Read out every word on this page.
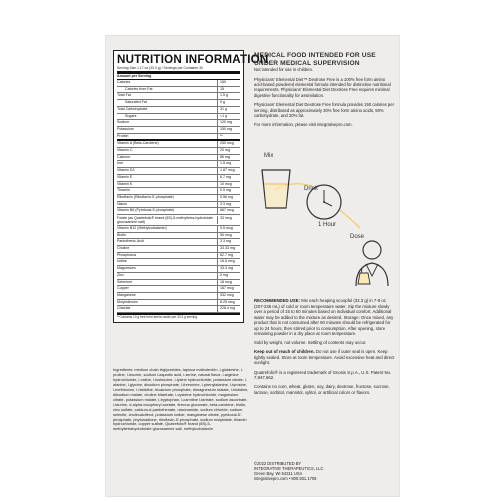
NUTRITION INFORMATION
Serving Size 1.17 oz (33.3 g) / Servings per Container 30
Amount per Serving
Calories	150
Calories from Fat	15
Total Fat	1.5 g
Saturated Fat	0 g
Total Carbohydrate	31 g
Sugars	<1 g
Sodium	120 mg
Potassium	150 mg
Protein	**
Vitamin A (Beta-Carotene)	250 mcg
Vitamin C	20 mg
Calcium	86 mg
Iron	1.5 mg
Vitamin D3	1.87 mcg
Vitamin E	6.7 mg
Vitamin K	10 mcg
Thiamin	0.5 mg
Riboflavin (Riboflavin-5'-phosphate)	0.56 mg
Niacin	3.3 mg
Vitamin B6 (Pyridoxal-5'-phosphate)	667 mcg
Folate (as Quatrefolic® brand (6S)-5-methyltetra-hydrofolate glucosamine salt)
33 mcg
Vitamin B12 (Methylcobalamin)	0.5 mcg
Biotin	50 mcg
Pantothenic Acid	3.3 mg
Choline	33.33 mg
Phosphorus	62.7 mg
Iodine	16.5 mcg
Magnesium	33.3 mg
Zinc	2 mg
Selenium	18 mcg
Copper	167 mcg
Manganese	332 mcg
Molybdenum	8.25 mcg
Chloride	228.4 mg
**Contains 10 g free form amino acids per 33.3 g serving.
Ingredients: medium chain triglycerides, tapioca maltodextrin, l-glutamine, l-proline, l-leucine, sodium l-aspartic acid, l-serine, natural flavor, l-arginine hydrochloride, l-valine, l-isoleucine, l-lysine hydrochloride, potassium citrate, l-alanine, l-glycine, disodium phosphate, l-threonine, l-phenylalanine, l-tyrosine, l-methionine, l-histidine, tricalcium phosphate, dimagnesium malate, l-histidine, diisodium malate, choline bitartrate, l-cysteine hydrochloride, magnesium citrate, potassium malate, l-tryptophan, l-carnitine l-tartrate, sodium ascorbate, l-taurine, d-alpha-tocopheryl acetate, ferrous gluconate, beta-carotene, biotin, zinc sulfate, calcium-d-pantothenate, niacinamide, sodium chloride, sodium selenite, cholecalciferol, potassium iodide, manganese citrate, pyridoxal-5'-phosphate, phytonadione, riboflavin-5'-phosphate, sodium molybdate, thiamin hydrochloride, copper sulfate, Quatrefolic® brand (6S)-5-methyltetrahydrofolate glucosamine salt, methylcobalamin
MEDICAL FOOD INTENDED FOR USE UNDER MEDICAL SUPERVISION

Not intended for use in children.

Physicians' Elemental Diet™ Dextrose Free is a 100% free form amino acid-based powdered elemental formula intended for distinctive nutritional requirements. Physicians' Elemental Diet Dextrose Free requires minimal digestive functionality for assimilation.

Physicians' Elemental Diet Dextrose Free formula provides 150 calories per serving, distributed as approximately 30% free form amino acids, 50% carbohydrate, and 20% fat.

For more information, please visit integrativepro.com.

Mix
Drink
1 Hour
Dose

RECOMMENDED USE: Mix each heaping scoopful (33.3 g) in 7-8 oz. (207-236 mL) of cold or room temperature water. Sip the mixture slowly over a period of 15 to 60 minutes based on individual comfort. Additional water may be added to the mixture as desired. Storage: Once mixed, any product that is not consumed after 60 minutes should be refrigerated for up to 24 hours, then stirred prior to consumption. After opening, store remaining powder in a dry place at room temperature.

Sold by weight, not volume. Settling of contents may occur.

Keep out of reach of children. Do not use if outer seal is open. Keep tightly sealed. Store at room temperature. Avoid excessive heat and direct sunlight.

Quatrefolic® is a registered trademark of Gnosis S.p.A., U.S. Patent No. 7,947,662.

Contains no corn, wheat, gluten, soy, dairy, dextrose, fructose, sucrose, lactose, sorbitol, mannitol, xylitol, or artificial colors or flavors.

©2022 DISTRIBUTED BY
INTEGRATIVE THERAPEUTICS, LLC
Green Bay, WI 54311 USA
integrativepro.com • 800.931.1709
